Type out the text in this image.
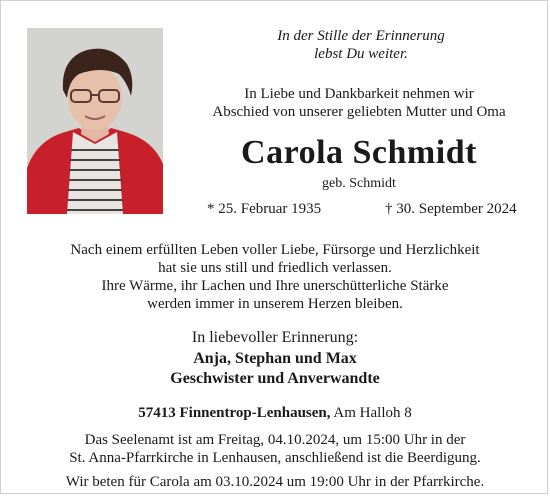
In der Stille der Erinnerung
lebst Du weiter.
In Liebe und Dankbarkeit nehmen wir
Abschied von unserer geliebten Mutter und Oma
Carola Schmidt
geb. Schmidt
* 25. Februar 1935	† 30. September 2024
Nach einem erfüllten Leben voller Liebe, Fürsorge und Herzlichkeit
hat sie uns still und friedlich verlassen.
Ihre Wärme, ihr Lachen und Ihre unerschütterliche Stärke
werden immer in unserem Herzen bleiben.
In liebevoller Erinnerung:
Anja, Stephan und Max
Geschwister und Anverwandte
57413 Finnentrop-Lenhausen, Am Halloh 8
Das Seelenamt ist am Freitag, 04.10.2024, um 15:00 Uhr in der
St. Anna-Pfarrkirche in Lenhausen, anschließend ist die Beerdigung.
Wir beten für Carola am 03.10.2024 um 19:00 Uhr in der Pfarrkirche.
